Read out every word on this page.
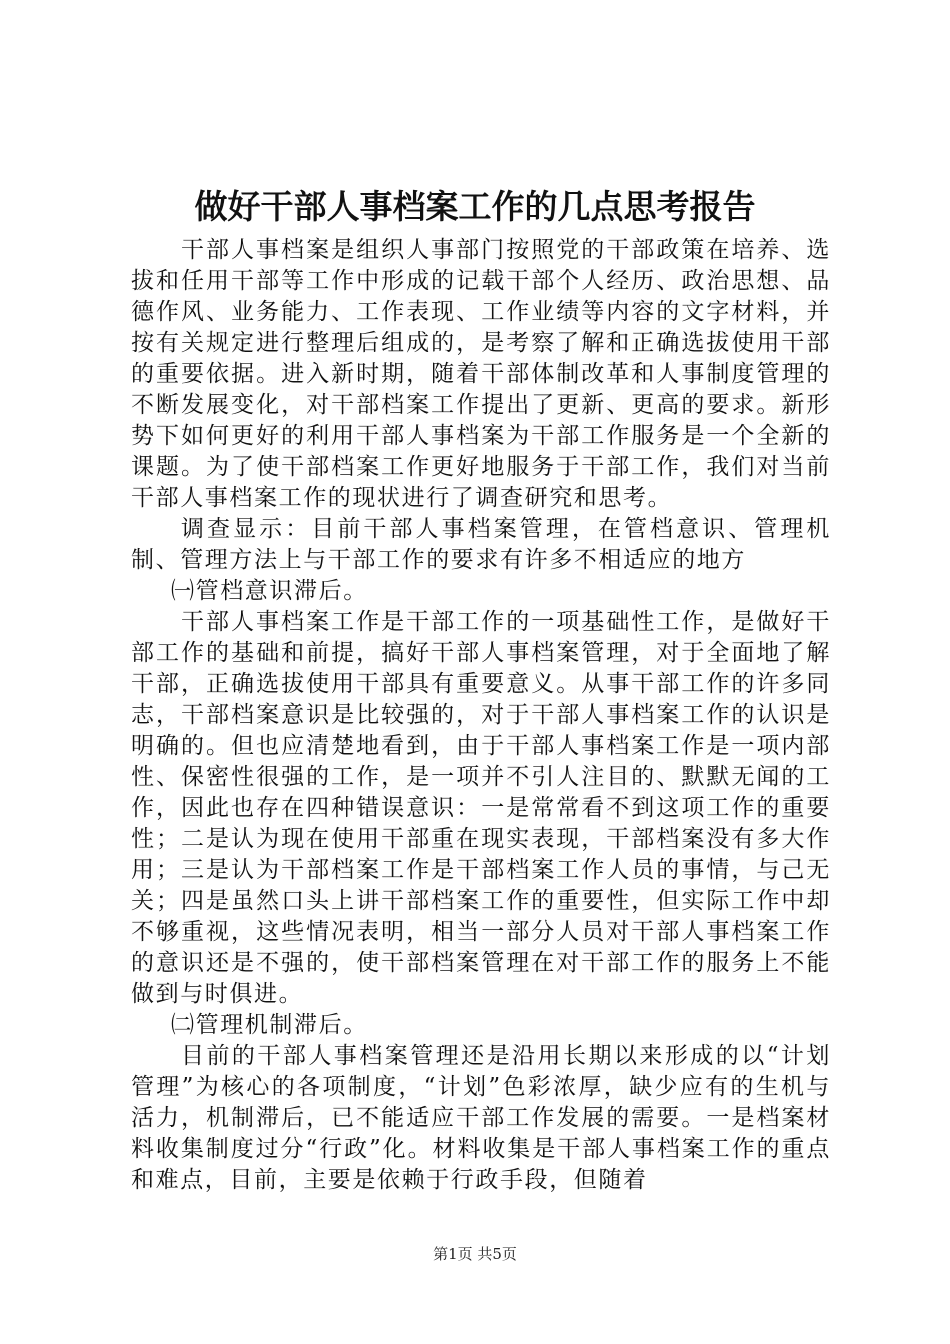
做好干部人事档案工作的几点思考报告

干部人事档案是组织人事部门按照党的干部政策在培养、选拔和任用干部等工作中形成的记载干部个人经历、政治思想、品德作风、业务能力、工作表现、工作业绩等内容的文字材料，并按有关规定进行整理后组成的，是考察了解和正确选拔使用干部的重要依据。进入新时期，随着干部体制改革和人事制度管理的不断发展变化，对干部档案工作提出了更新、更高的要求。新形势下如何更好的利用干部人事档案为干部工作服务是一个全新的课题。为了使干部档案工作更好地服务于干部工作，我们对当前干部人事档案工作的现状进行了调查研究和思考。

调查显示：目前干部人事档案管理，在管档意识、管理机制、管理方法上与干部工作的要求有许多不相适应的地方

㈠管档意识滞后。

干部人事档案工作是干部工作的一项基础性工作，是做好干部工作的基础和前提，搞好干部人事档案管理，对于全面地了解干部，正确选拔使用干部具有重要意义。从事干部工作的许多同志，干部档案意识是比较强的，对于干部人事档案工作的认识是明确的。但也应清楚地看到，由于干部人事档案工作是一项内部性、保密性很强的工作，是一项并不引人注目的、默默无闻的工作，因此也存在四种错误意识：一是常常看不到这项工作的重要性；二是认为现在使用干部重在现实表现，干部档案没有多大作用；三是认为干部档案工作是干部档案工作人员的事情，与己无关；四是虽然口头上讲干部档案工作的重要性，但实际工作中却不够重视，这些情况表明，相当一部分人员对干部人事档案工作的意识还是不强的，使干部档案管理在对干部工作的服务上不能做到与时俱进。

㈡管理机制滞后。

目前的干部人事档案管理还是沿用长期以来形成的以“计划管理”为核心的各项制度，“计划”色彩浓厚，缺少应有的生机与活力，机制滞后，已不能适应干部工作发展的需要。一是档案材料收集制度过分“行政”化。材料收集是干部人事档案工作的重点和难点，目前，主要是依赖于行政手段，但随着

第1页 共5页
